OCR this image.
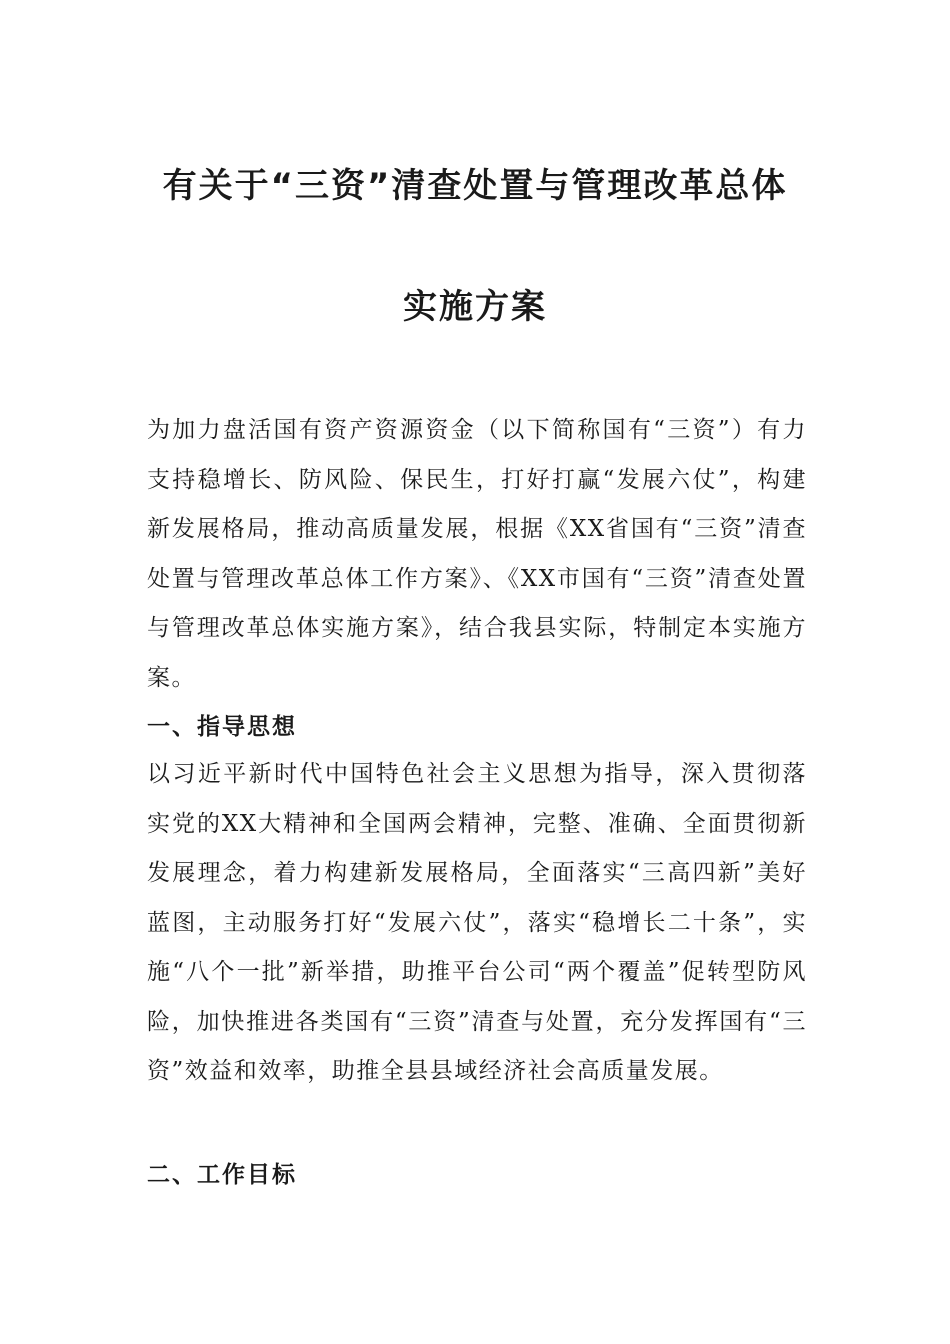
有关于“三资”清查处置与管理改革总体
实施方案

为加力盘活国有资产资源资金（以下简称国有“三资”）有力支持稳增长、防风险、保民生，打好打赢“发展六仗”，构建新发展格局，推动高质量发展，根据《XX省国有“三资”清查处置与管理改革总体工作方案》、《XX市国有“三资”清查处置与管理改革总体实施方案》，结合我县实际，特制定本实施方案。

一、指导思想

以习近平新时代中国特色社会主义思想为指导，深入贯彻落实党的XX大精神和全国两会精神，完整、准确、全面贯彻新发展理念，着力构建新发展格局，全面落实“三高四新”美好蓝图，主动服务打好“发展六仗”，落实“稳增长二十条”，实施“八个一批”新举措，助推平台公司“两个覆盖”促转型防风险，加快推进各类国有“三资”清查与处置，充分发挥国有“三资”效益和效率，助推全县县域经济社会高质量发展。

二、工作目标
